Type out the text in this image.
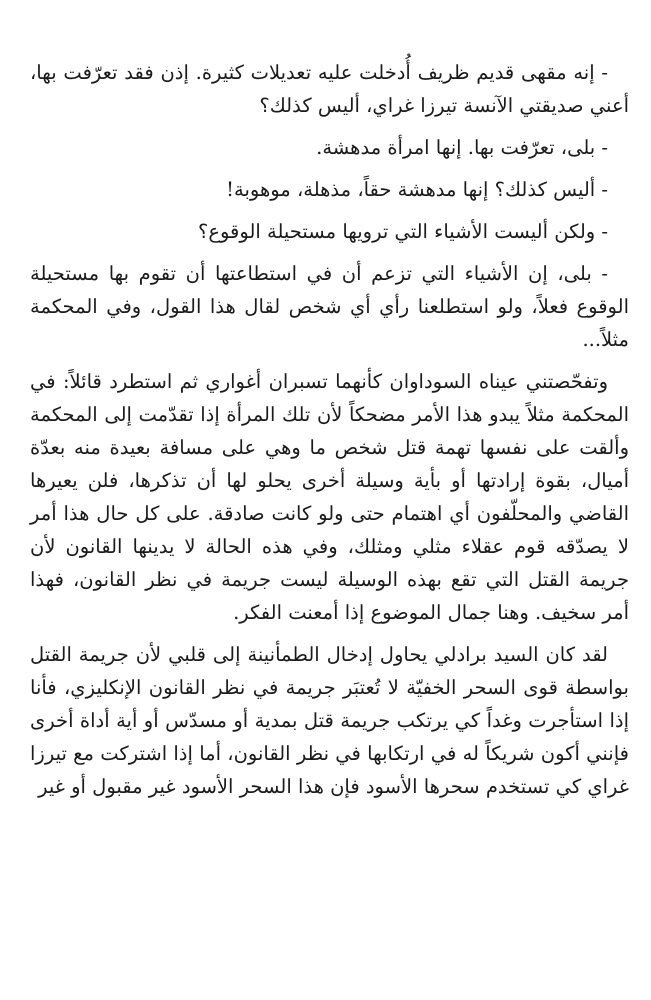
- إنه مقهى قديم ظريف أُدخلت عليه تعديلات كثيرة. إذن فقد تعرّفت بها، أعني صديقتي الآنسة تيرزا غراي، أليس كذلك؟

- بلى، تعرّفت بها. إنها امرأة مدهشة.

- أليس كذلك؟ إنها مدهشة حقاً، مذهلة، موهوبة!

- ولكن أليست الأشياء التي ترويها مستحيلة الوقوع؟

- بلى، إن الأشياء التي تزعم أن في استطاعتها أن تقوم بها مستحيلة الوقوع فعلاً، ولو استطلعنا رأي أي شخص لقال هذا القول، وفي المحكمة مثلاً...

وتفحّصتني عيناه السوداوان كأنهما تسبران أغواري ثم استطرد قائلاً: في المحكمة مثلاً يبدو هذا الأمر مضحكاً لأن تلك المرأة إذا تقدّمت إلى المحكمة وألقت على نفسها تهمة قتل شخص ما وهي على مسافة بعيدة منه بعدّة أميال، بقوة إرادتها أو بأية وسيلة أخرى يحلو لها أن تذكرها، فلن يعيرها القاضي والمحلّفون أي اهتمام حتى ولو كانت صادقة. على كل حال هذا أمر لا يصدّقه قوم عقلاء مثلي ومثلك، وفي هذه الحالة لا يدينها القانون لأن جريمة القتل التي تقع بهذه الوسيلة ليست جريمة في نظر القانون، فهذا أمر سخيف. وهنا جمال الموضوع إذا أمعنت الفكر.

لقد كان السيد برادلي يحاول إدخال الطمأنينة إلى قلبي لأن جريمة القتل بواسطة قوى السحر الخفيّة لا تُعتبَر جريمة في نظر القانون الإنكليزي، فأنا إذا استأجرت وغداً كي يرتكب جريمة قتل بمدية أو مسدّس أو أية أداة أخرى فإنني أكون شريكاً له في ارتكابها في نظر القانون، أما إذا اشتركت مع تيرزا غراي كي تستخدم سحرها الأسود فإن هذا السحر الأسود غير مقبول أو غير
